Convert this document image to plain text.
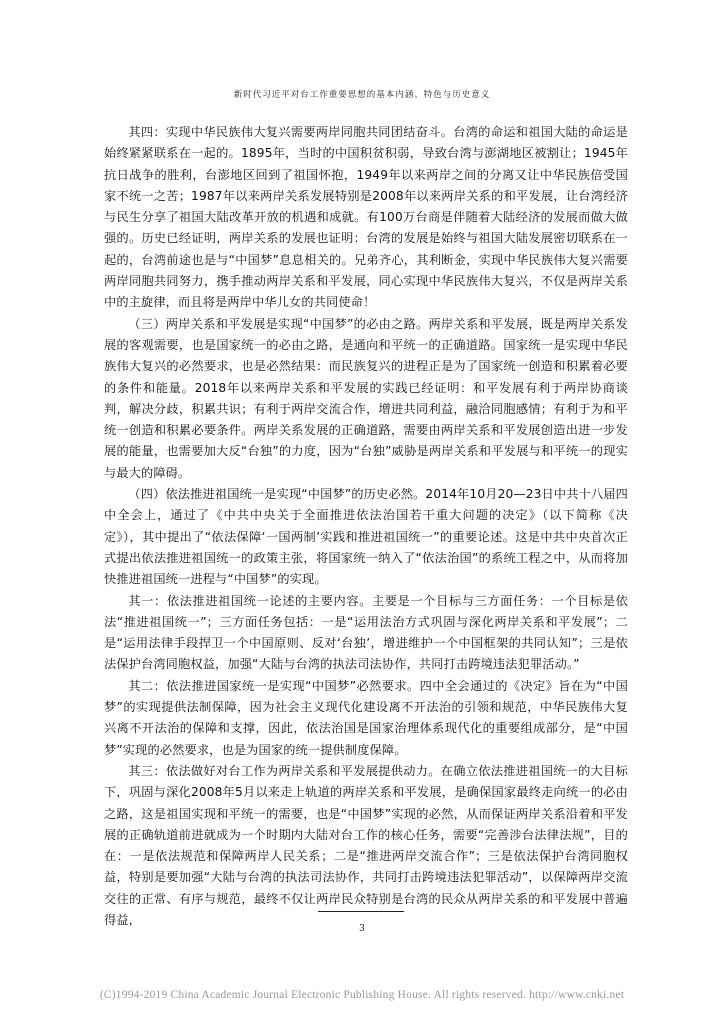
新时代习近平对台工作重要思想的基本内涵、特色与历史意义

其四：实现中华民族伟大复兴需要两岸同胞共同团结奋斗。台湾的命运和祖国大陆的命运是始终紧紧联系在一起的。1895年，当时的中国积贫积弱，导致台湾与澎湖地区被割让；1945年抗日战争的胜利，台澎地区回到了祖国怀抱，1949年以来两岸之间的分离又让中华民族倍受国家不统一之苦；1987年以来两岸关系发展特别是2008年以来两岸关系的和平发展，让台湾经济与民生分享了祖国大陆改革开放的机遇和成就。有100万台商是伴随着大陆经济的发展而做大做强的。历史已经证明，两岸关系的发展也证明：台湾的发展是始终与祖国大陆发展密切联系在一起的，台湾前途也是与“中国梦”息息相关的。兄弟齐心，其利断金，实现中华民族伟大复兴需要两岸同胞共同努力，携手推动两岸关系和平发展，同心实现中华民族伟大复兴，不仅是两岸关系中的主旋律，而且将是两岸中华儿女的共同使命！

（三）两岸关系和平发展是实现“中国梦”的必由之路。两岸关系和平发展，既是两岸关系发展的客观需要，也是国家统一的必由之路，是通向和平统一的正确道路。国家统一是实现中华民族伟大复兴的必然要求，也是必然结果：而民族复兴的进程正是为了国家统一创造和积累着必要的条件和能量。2018年以来两岸关系和平发展的实践已经证明：和平发展有利于两岸协商谈判，解决分歧，积累共识；有利于两岸交流合作，增进共同利益，融洽同胞感情；有利于为和平统一创造和积累必要条件。两岸关系发展的正确道路，需要由两岸关系和平发展创造出进一步发展的能量，也需要加大反“台独”的力度，因为“台独”威胁是两岸关系和平发展与和平统一的现实与最大的障碍。

（四）依法推进祖国统一是实现“中国梦”的历史必然。2014年10月20—23日中共十八届四中全会上，通过了《中共中央关于全面推进依法治国若干重大问题的决定》（以下简称《决定》），其中提出了“依法保障‘一国两制’实践和推进祖国统一”的重要论述。这是中共中央首次正式提出依法推进祖国统一的政策主张，将国家统一纳入了“依法治国”的系统工程之中，从而将加快推进祖国统一进程与“中国梦”的实现。

其一：依法推进祖国统一论述的主要内容。主要是一个目标与三方面任务：一个目标是依法“推进祖国统一”；三方面任务包括：一是“运用法治方式巩固与深化两岸关系和平发展”；二是“运用法律手段捍卫一个中国原则、反对‘台独’，增进维护一个中国框架的共同认知”；三是依法保护台湾同胞权益，加强“大陆与台湾的执法司法协作，共同打击跨境违法犯罪活动。”

其二：依法推进国家统一是实现“中国梦”必然要求。四中全会通过的《决定》旨在为“中国梦”的实现提供法制保障，因为社会主义现代化建设离不开法治的引领和规范，中华民族伟大复兴离不开法治的保障和支撑，因此，依法治国是国家治理体系现代化的重要组成部分，是“中国梦”实现的必然要求，也是为国家的统一提供制度保障。

其三：依法做好对台工作为两岸关系和平发展提供动力。在确立依法推进祖国统一的大目标下，巩固与深化2008年5月以来走上轨道的两岸关系和平发展，是确保国家最终走向统一的必由之路，这是祖国实现和平统一的需要，也是“中国梦”实现的必然，从而保证两岸关系沿着和平发展的正确轨道前进就成为一个时期内大陆对台工作的核心任务，需要“完善涉台法律法规”，目的在：一是依法规范和保障两岸人民关系；二是“推进两岸交流合作”；三是依法保护台湾同胞权益，特别是要加强“大陆与台湾的执法司法协作，共同打击跨境违法犯罪活动”，以保障两岸交流交往的正常、有序与规范，最终不仅让两岸民众特别是台湾的民众从两岸关系的和平发展中普遍得益，

3
(C)1994-2019 China Academic Journal Electronic Publishing House. All rights reserved. http://www.cnki.net
